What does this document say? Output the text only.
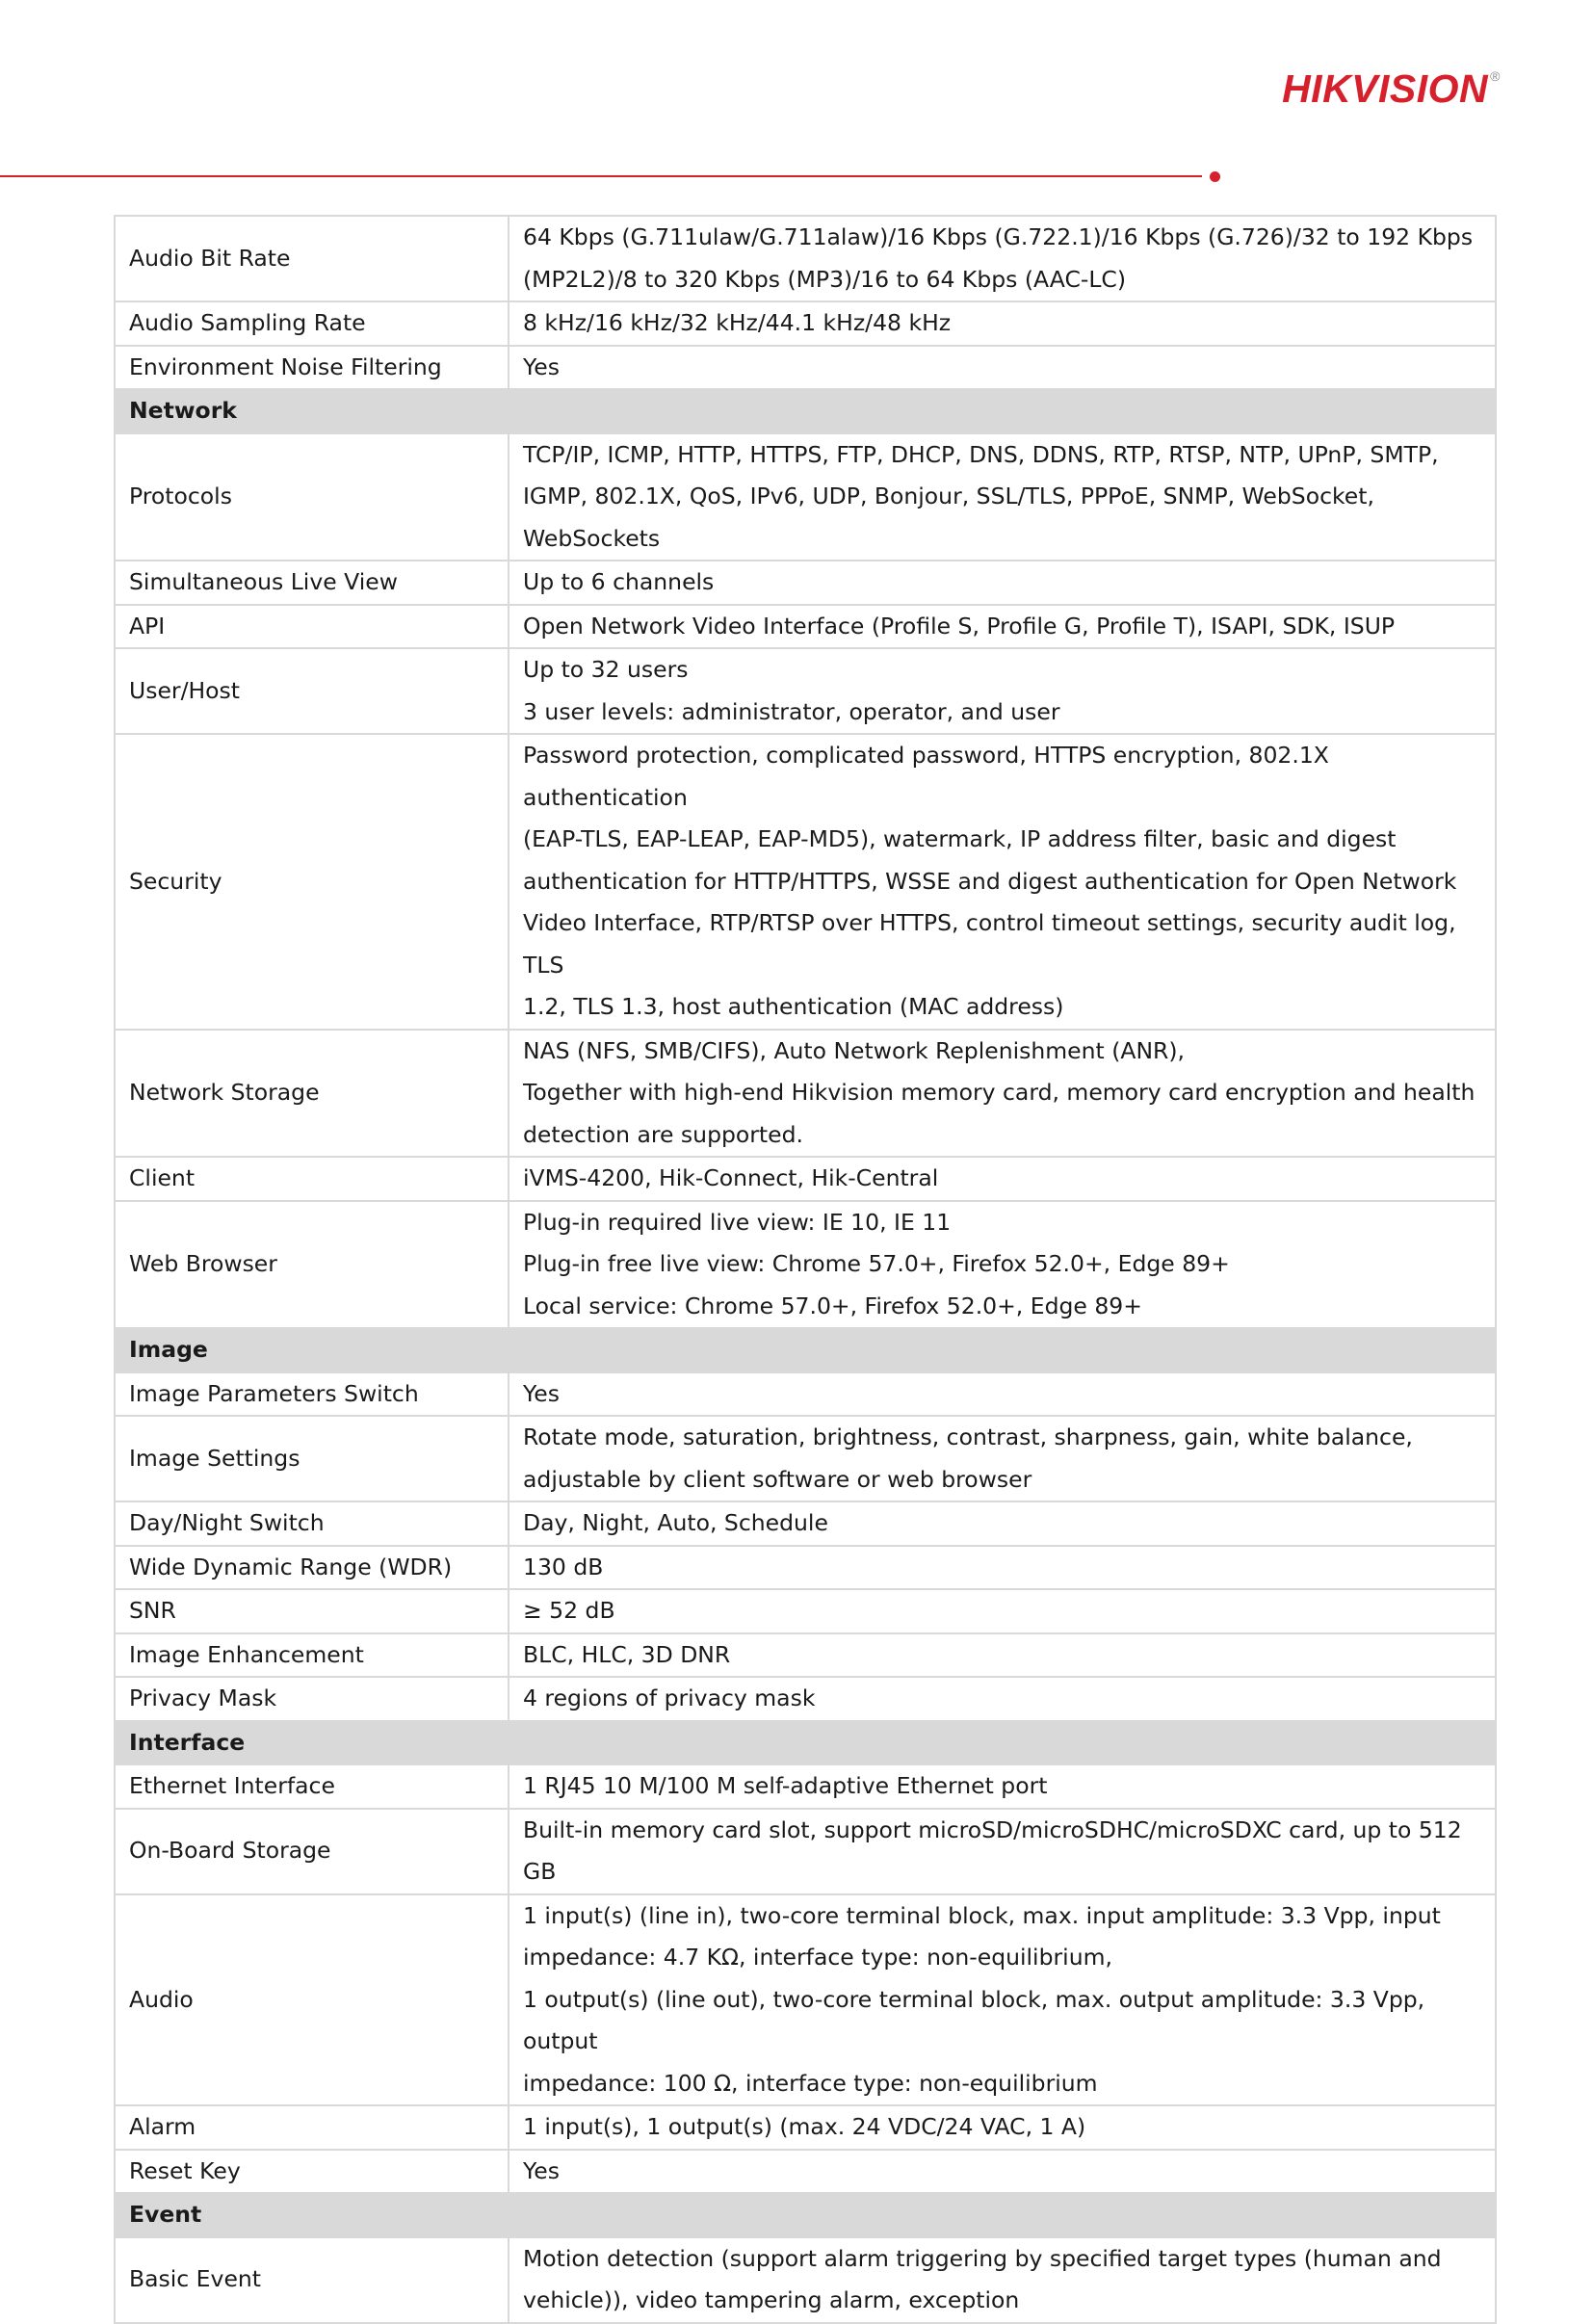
HIKVISION ®
Audio Bit Rate	64 Kbps (G.711ulaw/G.711alaw)/16 Kbps (G.722.1)/16 Kbps (G.726)/32 to 192 Kbps
(MP2L2)/8 to 320 Kbps (MP3)/16 to 64 Kbps (AAC-LC)

Audio Sampling Rate	8 kHz/16 kHz/32 kHz/44.1 kHz/48 kHz

Environment Noise Filtering	Yes

Network	
Protocols	TCP/IP, ICMP, HTTP, HTTPS, FTP, DHCP, DNS, DDNS, RTP, RTSP, NTP, UPnP, SMTP,
IGMP, 802.1X, QoS, IPv6, UDP, Bonjour, SSL/TLS, PPPoE, SNMP, WebSocket,
WebSockets

Simultaneous Live View	Up to 6 channels

API	Open Network Video Interface (Profile S, Profile G, Profile T), ISAPI, SDK, ISUP

User/Host	Up to 32 users
3 user levels: administrator, operator, and user

Security	Password protection, complicated password, HTTPS encryption, 802.1X authentication
(EAP-TLS, EAP-LEAP, EAP-MD5), watermark, IP address filter, basic and digest
authentication for HTTP/HTTPS, WSSE and digest authentication for Open Network
Video Interface, RTP/RTSP over HTTPS, control timeout settings, security audit log, TLS
1.2, TLS 1.3, host authentication (MAC address)

Network Storage	NAS (NFS, SMB/CIFS), Auto Network Replenishment (ANR),
Together with high-end Hikvision memory card, memory card encryption and health
detection are supported.

Client	iVMS-4200, Hik-Connect, Hik-Central

Web Browser	Plug-in required live view: IE 10, IE 11
Plug-in free live view: Chrome 57.0+, Firefox 52.0+, Edge 89+
Local service: Chrome 57.0+, Firefox 52.0+, Edge 89+

Image	
Image Parameters Switch	Yes

Image Settings	Rotate mode, saturation, brightness, contrast, sharpness, gain, white balance,
adjustable by client software or web browser

Day/Night Switch	Day, Night, Auto, Schedule

Wide Dynamic Range (WDR)	130 dB

SNR	≥ 52 dB

Image Enhancement	BLC, HLC, 3D DNR

Privacy Mask	4 regions of privacy mask

Interface	
Ethernet Interface	1 RJ45 10 M/100 M self-adaptive Ethernet port

On-Board Storage	Built-in memory card slot, support microSD/microSDHC/microSDXC card, up to 512 GB

Audio	1 input(s) (line in), two-core terminal block, max. input amplitude: 3.3 Vpp, input
impedance: 4.7 KΩ, interface type: non-equilibrium,
1 output(s) (line out), two-core terminal block, max. output amplitude: 3.3 Vpp, output
impedance: 100 Ω, interface type: non-equilibrium

Alarm	1 input(s), 1 output(s) (max. 24 VDC/24 VAC, 1 A)

Reset Key	Yes

Event	
Basic Event	Motion detection (support alarm triggering by specified target types (human and
vehicle)), video tampering alarm, exception
